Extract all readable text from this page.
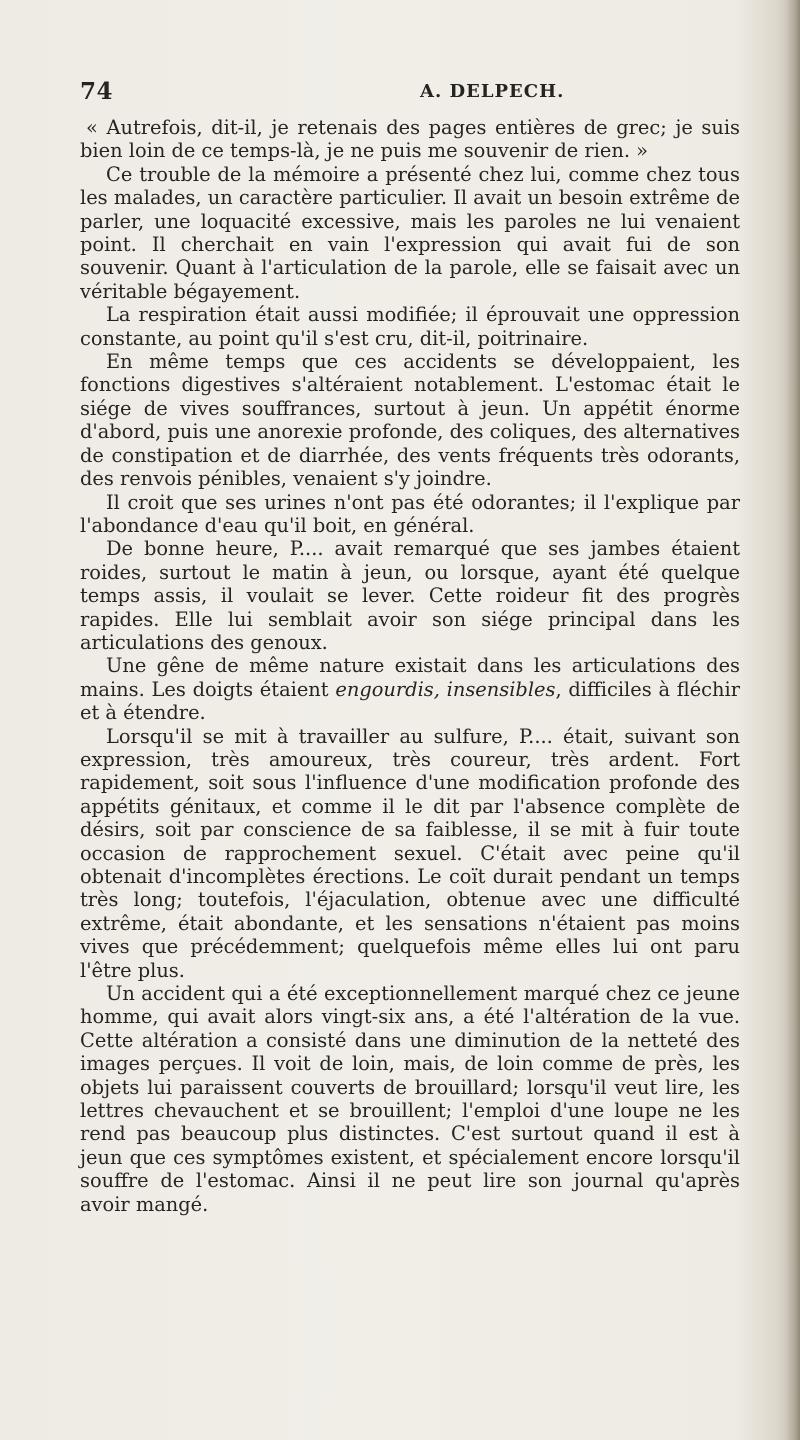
74	A. DELPECH.

« Autrefois, dit-il, je retenais des pages entières de grec; je suis bien loin de ce temps-là, je ne puis me souvenir de rien. »

Ce trouble de la mémoire a présenté chez lui, comme chez tous les malades, un caractère particulier. Il avait un besoin extrême de parler, une loquacité excessive, mais les paroles ne lui venaient point. Il cherchait en vain l'expression qui avait fui de son souvenir. Quant à l'articulation de la parole, elle se faisait avec un véritable bégayement.

La respiration était aussi modifiée; il éprouvait une oppression constante, au point qu'il s'est cru, dit-il, poitrinaire.

En même temps que ces accidents se développaient, les fonctions digestives s'altéraient notablement. L'estomac était le siége de vives souffrances, surtout à jeun. Un appétit énorme d'abord, puis une anorexie profonde, des coliques, des alternatives de constipation et de diarrhée, des vents fréquents très odorants, des renvois pénibles, venaient s'y joindre.

Il croit que ses urines n'ont pas été odorantes; il l'explique par l'abondance d'eau qu'il boit, en général.

De bonne heure, P.... avait remarqué que ses jambes étaient roides, surtout le matin à jeun, ou lorsque, ayant été quelque temps assis, il voulait se lever. Cette roideur fit des progrès rapides. Elle lui semblait avoir son siége principal dans les articulations des genoux.

Une gêne de même nature existait dans les articulations des mains. Les doigts étaient engourdis, insensibles, difficiles à fléchir et à étendre.

Lorsqu'il se mit à travailler au sulfure, P.... était, suivant son expression, très amoureux, très coureur, très ardent. Fort rapidement, soit sous l'influence d'une modification profonde des appétits génitaux, et comme il le dit par l'absence complète de désirs, soit par conscience de sa faiblesse, il se mit à fuir toute occasion de rapprochement sexuel. C'était avec peine qu'il obtenait d'incomplètes érections. Le coït durait pendant un temps très long; toutefois, l'éjaculation, obtenue avec une difficulté extrême, était abondante, et les sensations n'étaient pas moins vives que précédemment; quelquefois même elles lui ont paru l'être plus.

Un accident qui a été exceptionnellement marqué chez ce jeune homme, qui avait alors vingt-six ans, a été l'altération de la vue. Cette altération a consisté dans une diminution de la netteté des images perçues. Il voit de loin, mais, de loin comme de près, les objets lui paraissent couverts de brouillard; lorsqu'il veut lire, les lettres chevauchent et se brouillent; l'emploi d'une loupe ne les rend pas beaucoup plus distinctes. C'est surtout quand il est à jeun que ces symptômes existent, et spécialement encore lorsqu'il souffre de l'estomac. Ainsi il ne peut lire son journal qu'après avoir mangé.
